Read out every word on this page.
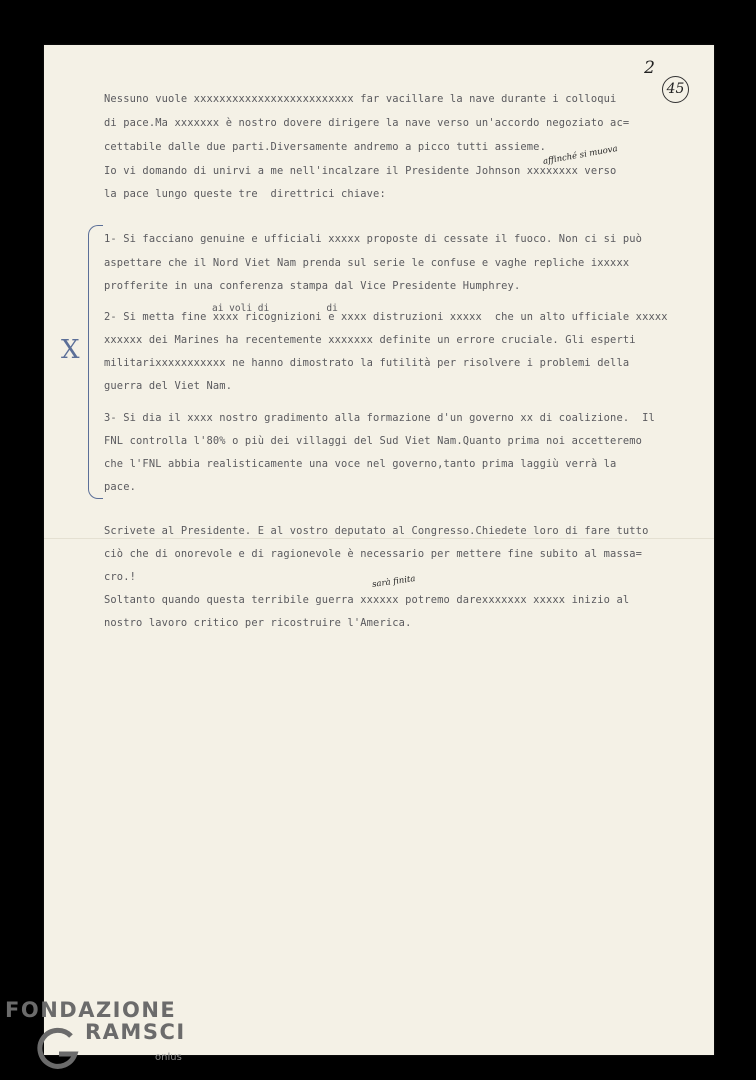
2
45
Nessuno vuole xxxxxxxxxxxxxxxxxxxxxxxxx far vacillare la nave durante i colloqui
di pace.Ma xxxxxxx è nostro dovere dirigere la nave verso un'accordo negoziato ac=
cettabile dalle due parti.Diversamente andremo a picco tutti assieme.
Io vi domando di unirvi a me nell'incalzare il Presidente Johnson xxxxxxxx verso
la pace lungo queste tre  direttrici chiave:
1- Si facciano genuine e ufficiali xxxxx proposte di cessate il fuoco. Non ci si può
aspettare che il Nord Viet Nam prenda sul serie le confuse e vaghe repliche ixxxxx
profferite in una conferenza stampa dal Vice Presidente Humphrey.
ai voli di          di
2- Si metta fine xxxx ricognizioni e xxxx distruzioni xxxxx  che un alto ufficiale xxxxx
xxxxxx dei Marines ha recentemente xxxxxxx definite un errore cruciale. Gli esperti
militarixxxxxxxxxxx ne hanno dimostrato la futilità per risolvere i problemi della
guerra del Viet Nam.
3- Si dia il xxxx nostro gradimento alla formazione d'un governo xx di coalizione.  Il
FNL controlla l'80% o più dei villaggi del Sud Viet Nam.Quanto prima noi accetteremo
che l'FNL abbia realisticamente una voce nel governo,tanto prima laggiù verrà la
pace.
Scrivete al Presidente. E al vostro deputato al Congresso.Chiedete loro di fare tutto
ciò che di onorevole e di ragionevole è necessario per mettere fine subito al massa=
cro.!
Soltanto quando questa terribile guerra xxxxxx potremo darexxxxxxx xxxxx inizio al
nostro lavoro critico per ricostruire l'America.
affinché si muova
sarà finita
X
FONDAZIONE
RAMSCI
onlus
